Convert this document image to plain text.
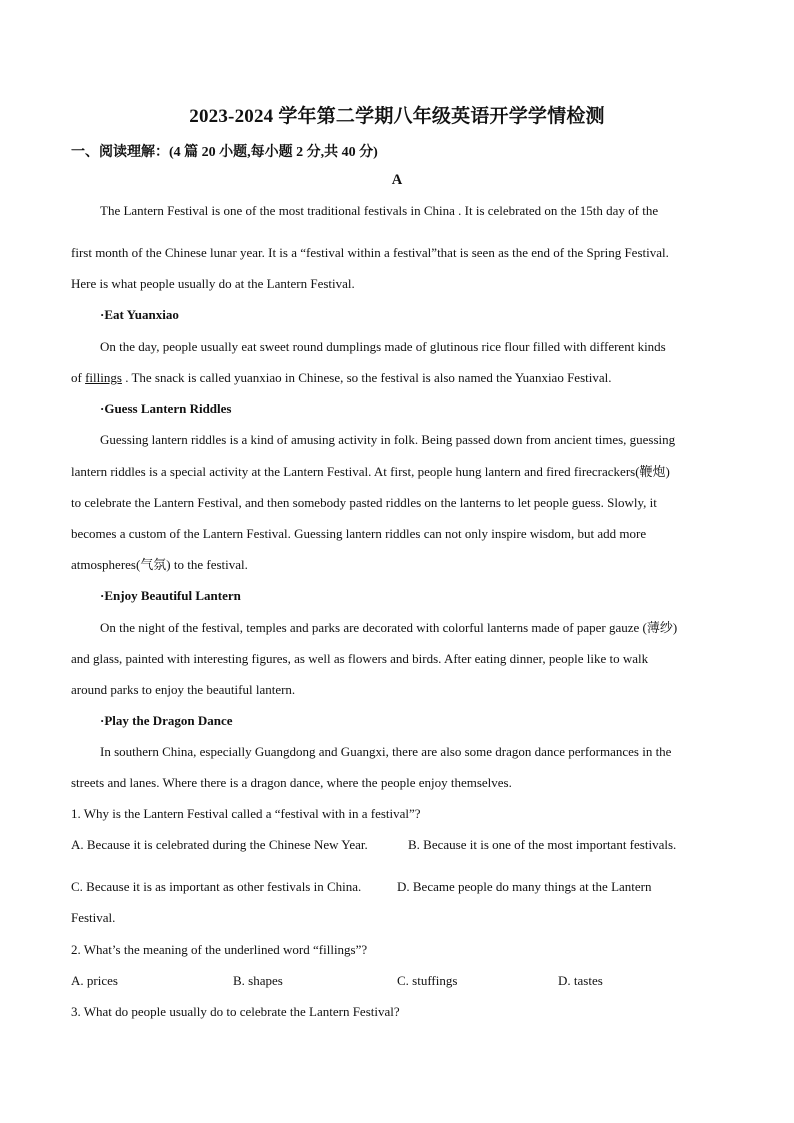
2023-2024 学年第二学期八年级英语开学学情检测
一、阅读理解：(4 篇 20 小题,每小题 2 分,共 40 分)
A
The Lantern Festival is one of the most traditional festivals in China . It is celebrated on the 15th day of the
first month of the Chinese lunar year. It is a “festival within a festival”that is seen as the end of the Spring Festival.
Here is what people usually do at the Lantern Festival.
·Eat Yuanxiao
On the day, people usually eat sweet round dumplings made of glutinous rice flour filled with different kinds
of fillings . The snack is called yuanxiao in Chinese, so the festival is also named the Yuanxiao Festival.
·Guess Lantern Riddles
Guessing lantern riddles is a kind of amusing activity in folk. Being passed down from ancient times, guessing
lantern riddles is a special activity at the Lantern Festival. At first, people hung lantern and fired firecrackers(鞭炮)
to celebrate the Lantern Festival, and then somebody pasted riddles on the lanterns to let people guess. Slowly, it
becomes a custom of the Lantern Festival. Guessing lantern riddles can not only inspire wisdom, but add more
atmospheres(气氛) to the festival.
·Enjoy Beautiful Lantern
On the night of the festival, temples and parks are decorated with colorful lanterns made of paper gauze (薄纱)
and glass, painted with interesting figures, as well as flowers and birds. After eating dinner, people like to walk
around parks to enjoy the beautiful lantern.
·Play the Dragon Dance
In southern China, especially Guangdong and Guangxi, there are also some dragon dance performances in the
streets and lanes. Where there is a dragon dance, where the people enjoy themselves.
1. Why is the Lantern Festival called a “festival with in a festival”?
A. Because it is celebrated during the Chinese New Year.	B. Because it is one of the most important festivals.
C. Because it is as important as other festivals in China.	D. Became people do many things at the Lantern
Festival.
2. What’s the meaning of the underlined word “fillings”?
A. prices	B. shapes	C. stuffings	D. tastes
3. What do people usually do to celebrate the Lantern Festival?
